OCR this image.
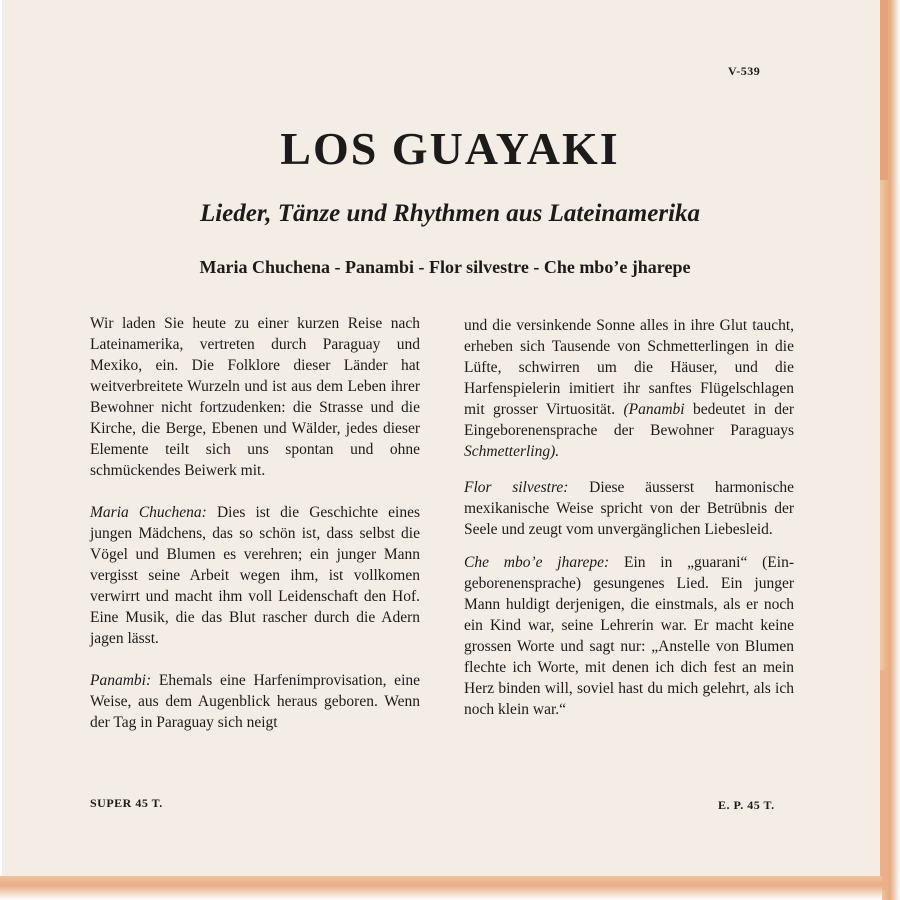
V-539
LOS GUAYAKI
Lieder, Tänze und Rhythmen aus Lateinamerika
Maria Chuchena - Panambi - Flor silvestre - Che mbo’e jharepe

Wir laden Sie heute zu einer kurzen Reise nach Lateinamerika, vertreten durch Paraguay und Mexiko, ein. Die Folklore dieser Länder hat weitverbreitete Wurzeln und ist aus dem Leben ihrer Bewohner nicht fortzudenken: die Strasse und die Kirche, die Berge, Ebenen und Wälder, jedes dieser Elemente teilt sich uns spontan und ohne schmückendes Beiwerk mit.

Maria Chuchena: Dies ist die Geschichte eines jungen Mädchens, das so schön ist, dass selbst die Vögel und Blumen es verehren; ein junger Mann vergisst seine Arbeit wegen ihm, ist vollkomen verwirrt und macht ihm voll Leidenschaft den Hof. Eine Musik, die das Blut rascher durch die Adern jagen lässt.

Panambi: Ehemals eine Harfenimprovisation, eine Weise, aus dem Augenblick heraus geboren. Wenn der Tag in Paraguay sich neigt

und die versinkende Sonne alles in ihre Glut taucht, erheben sich Tausende von Schmetterlingen in die Lüfte, schwirren um die Häuser, und die Harfenspielerin imitiert ihr sanftes Flügelschlagen mit grosser Virtuosität. (Panambi bedeutet in der Eingeborenensprache der Bewohner Paraguays Schmetterling).

Flor silvestre: Diese äusserst harmonische mexikanische Weise spricht von der Betrübnis der Seele und zeugt vom unvergänglichen Liebesleid.

Che mbo’e jharepe: Ein in „guarani“ (Eingeborenensprache) gesungenes Lied. Ein junger Mann huldigt derjenigen, die einstmals, als er noch ein Kind war, seine Lehrerin war. Er macht keine grossen Worte und sagt nur: „Anstelle von Blumen flechte ich Worte, mit denen ich dich fest an mein Herz binden will, soviel hast du mich gelehrt, als ich noch klein war.“

SUPER 45 T.	E. P. 45 T.
